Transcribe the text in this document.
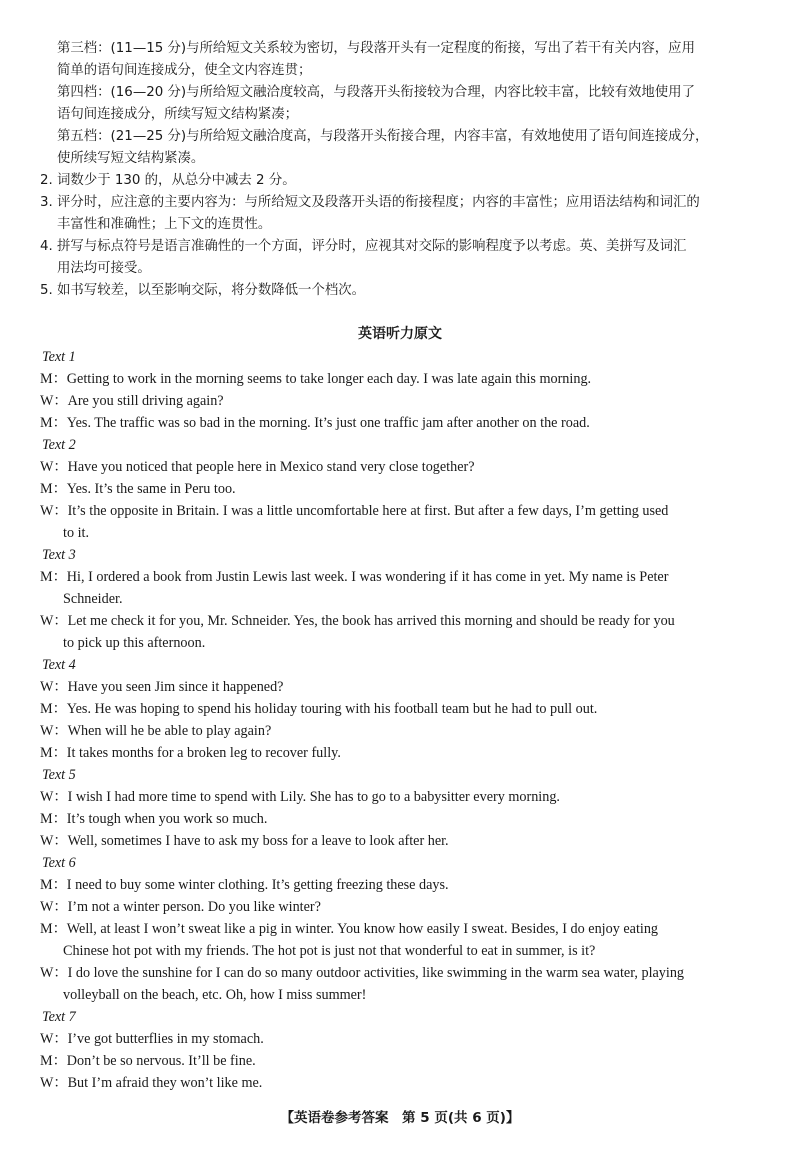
第三档：(11—15 分)与所给短文关系较为密切，与段落开头有一定程度的衔接，写出了若干有关内容，应用
简单的语句间连接成分，使全文内容连贯；
第四档：(16—20 分)与所给短文融洽度较高，与段落开头衔接较为合理，内容比较丰富，比较有效地使用了
语句间连接成分，所续写短文结构紧凑；
第五档：(21—25 分)与所给短文融洽度高，与段落开头衔接合理，内容丰富，有效地使用了语句间连接成分，
使所续写短文结构紧凑。
2. 词数少于 130 的，从总分中减去 2 分。
3. 评分时，应注意的主要内容为：与所给短文及段落开头语的衔接程度；内容的丰富性；应用语法结构和词汇的
丰富性和准确性；上下文的连贯性。
4. 拼写与标点符号是语言准确性的一个方面，评分时，应视其对交际的影响程度予以考虑。英、美拼写及词汇
用法均可接受。
5. 如书写较差，以至影响交际，将分数降低一个档次。
英语听力原文
Text 1
M：Getting to work in the morning seems to take longer each day. I was late again this morning.
W：Are you still driving again?
M：Yes. The traffic was so bad in the morning. It’s just one traffic jam after another on the road.
Text 2
W：Have you noticed that people here in Mexico stand very close together?
M：Yes. It’s the same in Peru too.
W：It’s the opposite in Britain. I was a little uncomfortable here at first. But after a few days, I’m getting used
to it.
Text 3
M：Hi, I ordered a book from Justin Lewis last week. I was wondering if it has come in yet. My name is Peter
Schneider.
W：Let me check it for you, Mr. Schneider. Yes, the book has arrived this morning and should be ready for you
to pick up this afternoon.
Text 4
W：Have you seen Jim since it happened?
M：Yes. He was hoping to spend his holiday touring with his football team but he had to pull out.
W：When will he be able to play again?
M：It takes months for a broken leg to recover fully.
Text 5
W：I wish I had more time to spend with Lily. She has to go to a babysitter every morning.
M：It’s tough when you work so much.
W：Well, sometimes I have to ask my boss for a leave to look after her.
Text 6
M：I need to buy some winter clothing. It’s getting freezing these days.
W：I’m not a winter person. Do you like winter?
M：Well, at least I won’t sweat like a pig in winter. You know how easily I sweat. Besides, I do enjoy eating
Chinese hot pot with my friends. The hot pot is just not that wonderful to eat in summer, is it?
W：I do love the sunshine for I can do so many outdoor activities, like swimming in the warm sea water, playing
volleyball on the beach, etc. Oh, how I miss summer!
Text 7
W：I’ve got butterflies in my stomach.
M：Don’t be so nervous. It’ll be fine.
W：But I’m afraid they won’t like me.
【英语卷参考答案　第 5 页(共 6 页)】
